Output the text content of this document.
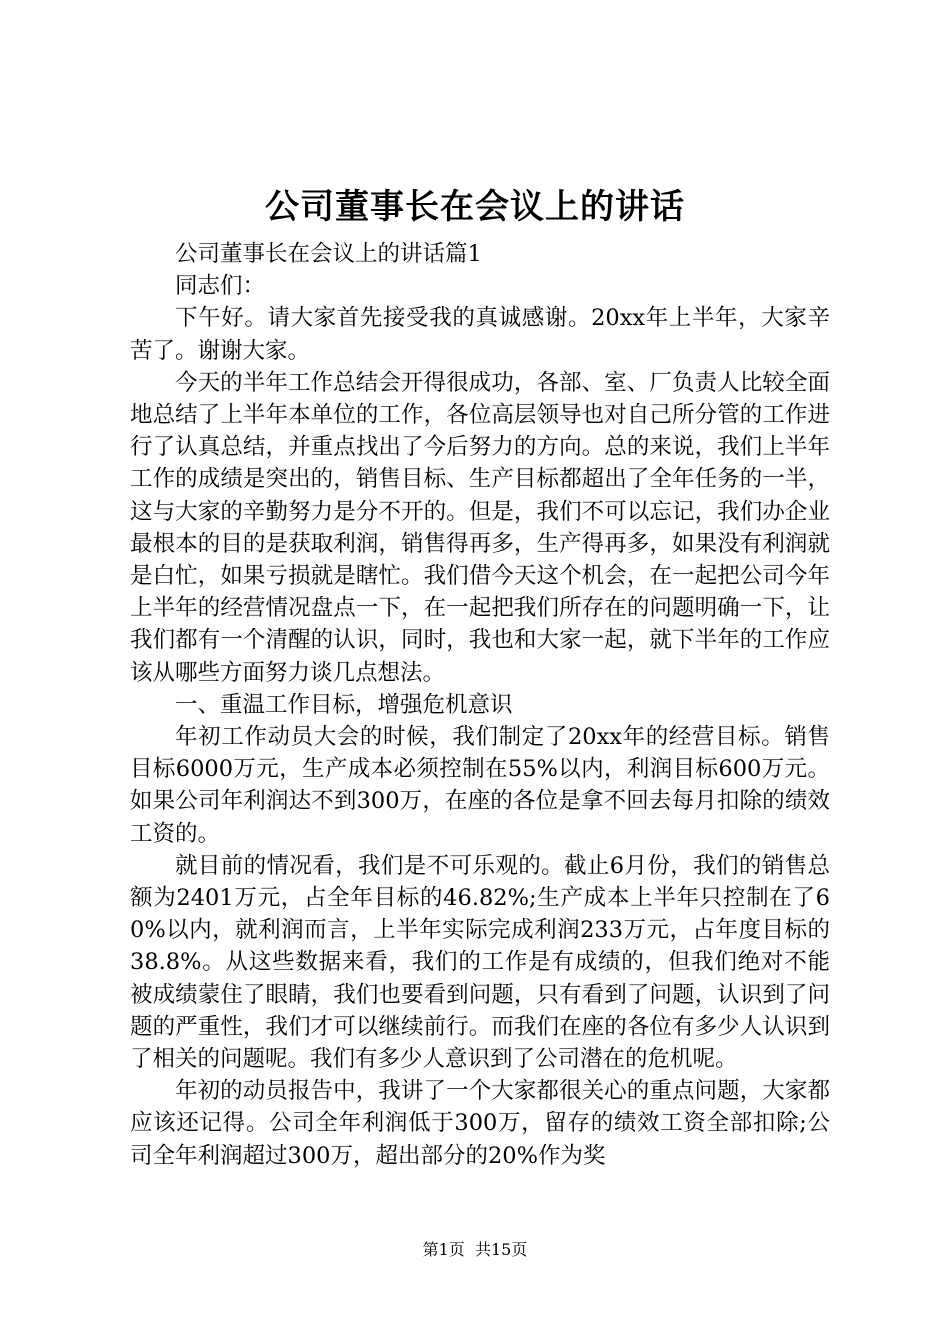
公司董事长在会议上的讲话

公司董事长在会议上的讲话篇1

同志们：

下午好。请大家首先接受我的真诚感谢。20xx年上半年，大家辛苦了。谢谢大家。

今天的半年工作总结会开得很成功，各部、室、厂负责人比较全面地总结了上半年本单位的工作，各位高层领导也对自己所分管的工作进行了认真总结，并重点找出了今后努力的方向。总的来说，我们上半年工作的成绩是突出的，销售目标、生产目标都超出了全年任务的一半，这与大家的辛勤努力是分不开的。但是，我们不可以忘记，我们办企业最根本的目的是获取利润，销售得再多，生产得再多，如果没有利润就是白忙，如果亏损就是瞎忙。我们借今天这个机会，在一起把公司今年上半年的经营情况盘点一下，在一起把我们所存在的问题明确一下，让我们都有一个清醒的认识，同时，我也和大家一起，就下半年的工作应该从哪些方面努力谈几点想法。

一、重温工作目标，增强危机意识

年初工作动员大会的时候，我们制定了20xx年的经营目标。销售目标6000万元，生产成本必须控制在55%以内，利润目标600万元。如果公司年利润达不到300万，在座的各位是拿不回去每月扣除的绩效工资的。

就目前的情况看，我们是不可乐观的。截止6月份，我们的销售总额为2401万元，占全年目标的46.82%;生产成本上半年只控制在了60%以内，就利润而言，上半年实际完成利润233万元，占年度目标的38.8%。从这些数据来看，我们的工作是有成绩的，但我们绝对不能被成绩蒙住了眼睛，我们也要看到问题，只有看到了问题，认识到了问题的严重性，我们才可以继续前行。而我们在座的各位有多少人认识到了相关的问题呢。我们有多少人意识到了公司潜在的危机呢。

年初的动员报告中，我讲了一个大家都很关心的重点问题，大家都应该还记得。公司全年利润低于300万，留存的绩效工资全部扣除;公司全年利润超过300万，超出部分的20%作为奖

第1页 共15页
